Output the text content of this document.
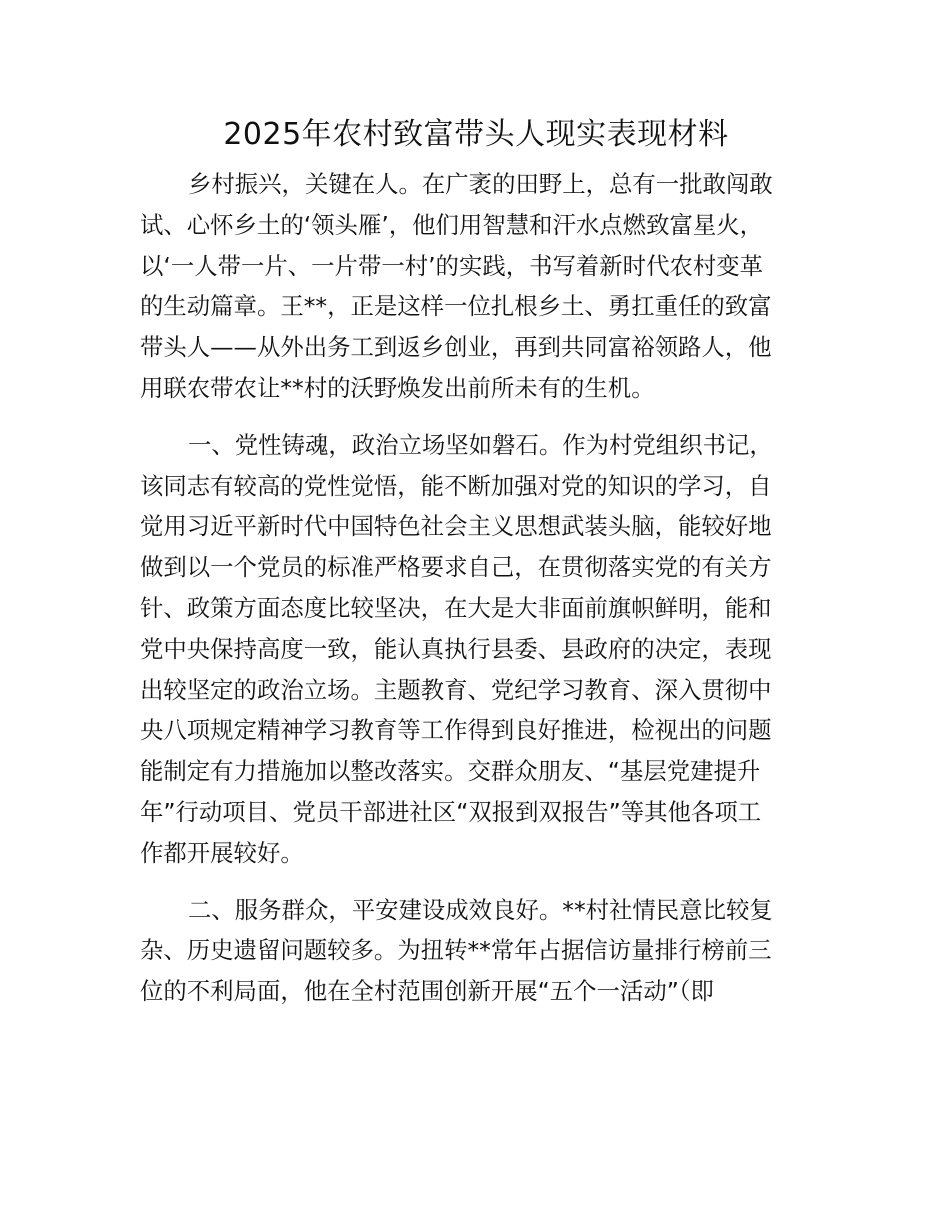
2025年农村致富带头人现实表现材料
乡村振兴，关键在人。在广袤的田野上，总有一批敢闯敢
试、心怀乡土的‘领头雁’，他们用智慧和汗水点燃致富星火，
以‘一人带一片、一片带一村’的实践，书写着新时代农村变革
的生动篇章。王**，正是这样一位扎根乡土、勇扛重任的致富
带头人——从外出务工到返乡创业，再到共同富裕领路人，他
用联农带农让**村的沃野焕发出前所未有的生机。
一、党性铸魂，政治立场坚如磐石。作为村党组织书记，
该同志有较高的党性觉悟，能不断加强对党的知识的学习，自
觉用习近平新时代中国特色社会主义思想武装头脑，能较好地
做到以一个党员的标准严格要求自己，在贯彻落实党的有关方
针、政策方面态度比较坚决，在大是大非面前旗帜鲜明，能和
党中央保持高度一致，能认真执行县委、县政府的决定，表现
出较坚定的政治立场。主题教育、党纪学习教育、深入贯彻中
央八项规定精神学习教育等工作得到良好推进，检视出的问题
能制定有力措施加以整改落实。交群众朋友、“基层党建提升
年”行动项目、党员干部进社区“双报到双报告”等其他各项工
作都开展较好。
二、服务群众，平安建设成效良好。**村社情民意比较复
杂、历史遗留问题较多。为扭转**常年占据信访量排行榜前三
位的不利局面，他在全村范围创新开展“五个一活动”（即
